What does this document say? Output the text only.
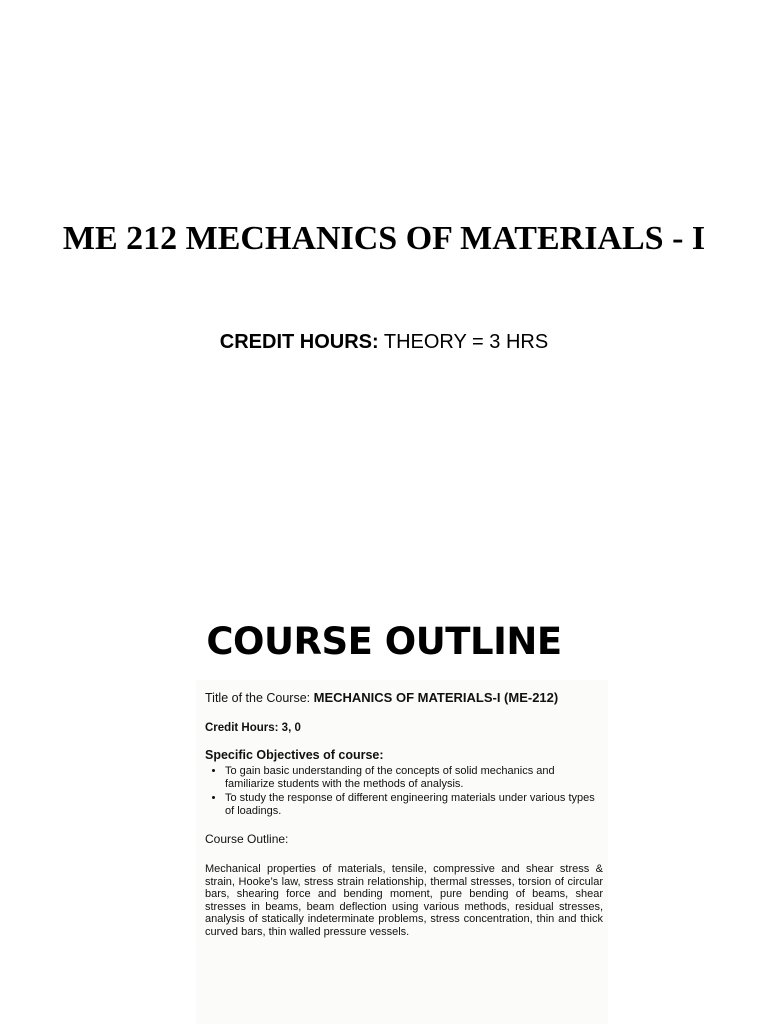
ME 212 MECHANICS OF MATERIALS - I
CREDIT HOURS: THEORY = 3 HRS
COURSE OUTLINE
Title of the Course: MECHANICS OF MATERIALS-I (ME-212)
Credit Hours: 3, 0
Specific Objectives of course:
• To gain basic understanding of the concepts of solid mechanics and familiarize students with the methods of analysis.
• To study the response of different engineering materials under various types of loadings.
Course Outline:
Mechanical properties of materials, tensile, compressive and shear stress & strain, Hooke’s law, stress strain relationship, thermal stresses, torsion of circular bars, shearing force and bending moment, pure bending of beams, shear stresses in beams, beam deflection using various methods, residual stresses, analysis of statically indeterminate problems, stress concentration, thin and thick curved bars, thin walled pressure vessels.
